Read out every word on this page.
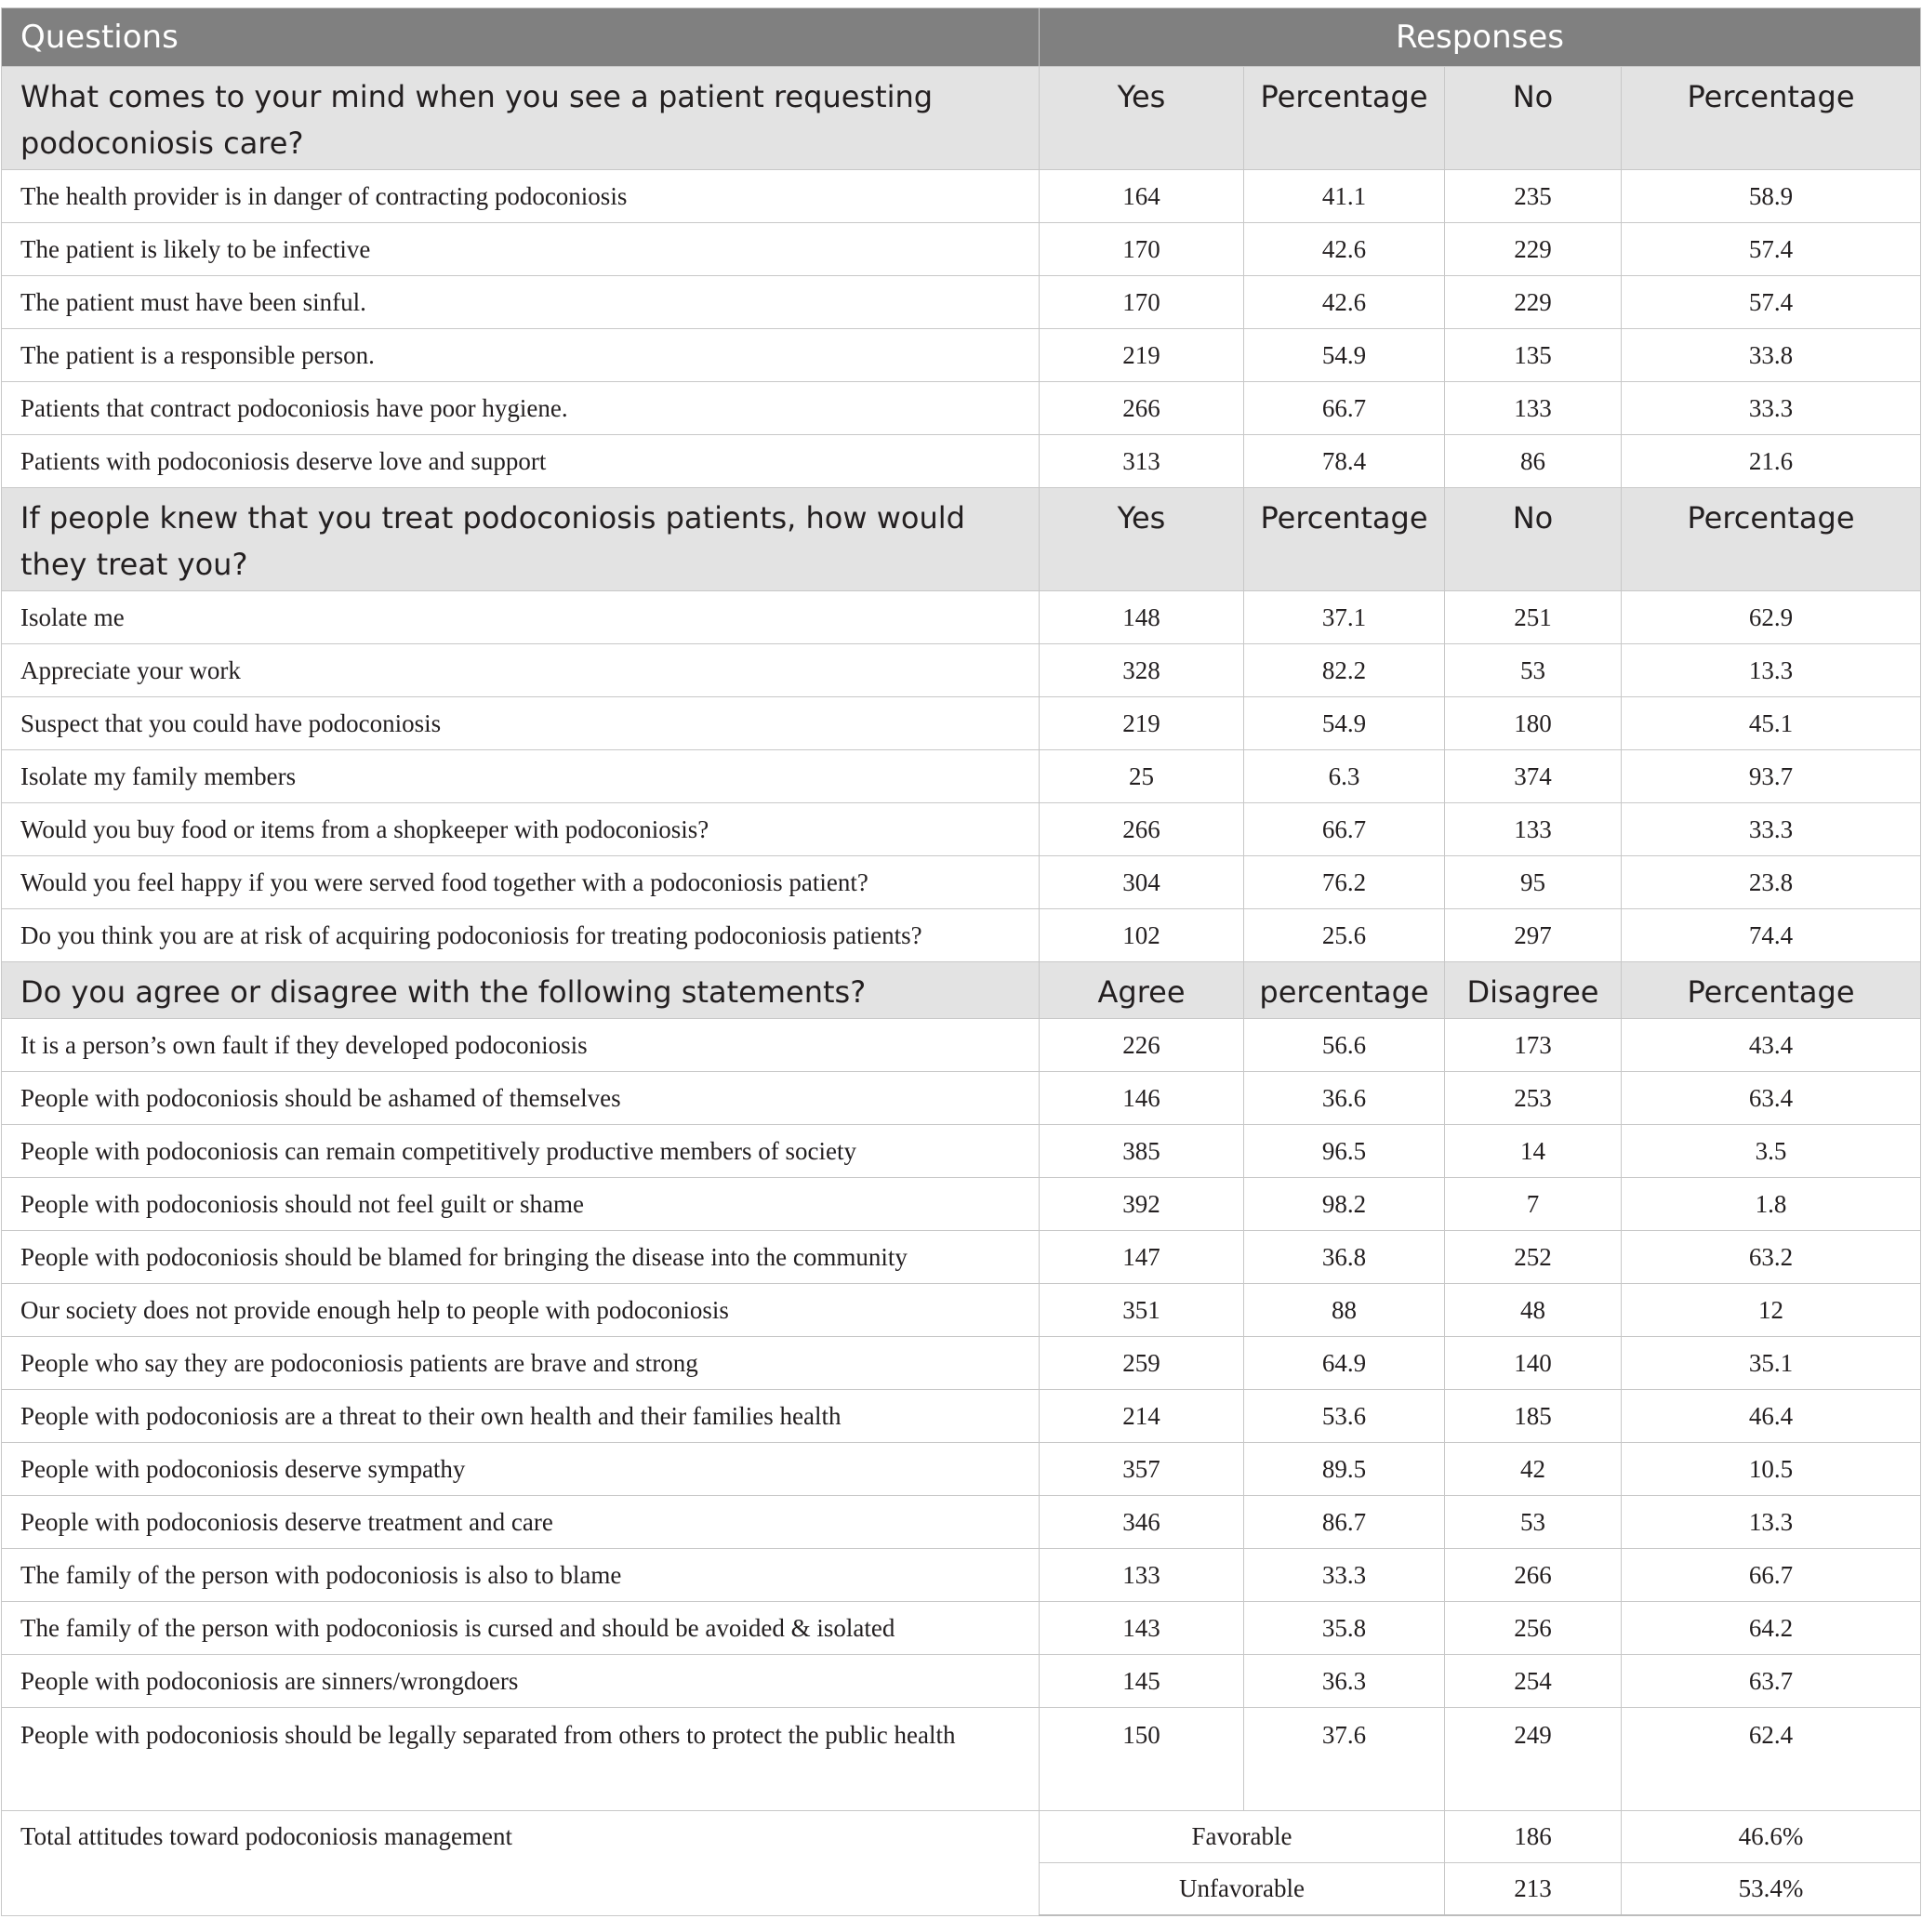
Questions	Responses			
What comes to your mind when you see a patient requesting podoconiosis care?	Yes	Percentage	No	Percentage
The health provider is in danger of contracting podoconiosis	164	41.1	235	58.9
The patient is likely to be infective	170	42.6	229	57.4
The patient must have been sinful.	170	42.6	229	57.4
The patient is a responsible person.	219	54.9	135	33.8
Patients that contract podoconiosis have poor hygiene.	266	66.7	133	33.3
Patients with podoconiosis deserve love and support	313	78.4	86	21.6
If people knew that you treat podoconiosis patients, how would they treat you?	Yes	Percentage	No	Percentage
Isolate me	148	37.1	251	62.9
Appreciate your work	328	82.2	53	13.3
Suspect that you could have podoconiosis	219	54.9	180	45.1
Isolate my family members	25	6.3	374	93.7
Would you buy food or items from a shopkeeper with podoconiosis?	266	66.7	133	33.3
Would you feel happy if you were served food together with a podoconiosis patient?	304	76.2	95	23.8
Do you think you are at risk of acquiring podoconiosis for treating podoconiosis patients?	102	25.6	297	74.4
Do you agree or disagree with the following statements?	Agree	percentage	Disagree	Percentage
It is a person’s own fault if they developed podoconiosis	226	56.6	173	43.4
People with podoconiosis should be ashamed of themselves	146	36.6	253	63.4
People with podoconiosis can remain competitively productive members of society	385	96.5	14	3.5
People with podoconiosis should not feel guilt or shame	392	98.2	7	1.8
People with podoconiosis should be blamed for bringing the disease into the community	147	36.8	252	63.2
Our society does not provide enough help to people with podoconiosis	351	88	48	12
People who say they are podoconiosis patients are brave and strong	259	64.9	140	35.1
People with podoconiosis are a threat to their own health and their families health	214	53.6	185	46.4
People with podoconiosis deserve sympathy	357	89.5	42	10.5
People with podoconiosis deserve treatment and care	346	86.7	53	13.3
The family of the person with podoconiosis is also to blame	133	33.3	266	66.7
The family of the person with podoconiosis is cursed and should be avoided & isolated	143	35.8	256	64.2
People with podoconiosis are sinners/wrongdoers	145	36.3	254	63.7
People with podoconiosis should be legally separated from others to protect the public health	150	37.6	249	62.4
Total attitudes toward podoconiosis management	Favorable		186	46.6%
	Unfavorable		213	53.4%
